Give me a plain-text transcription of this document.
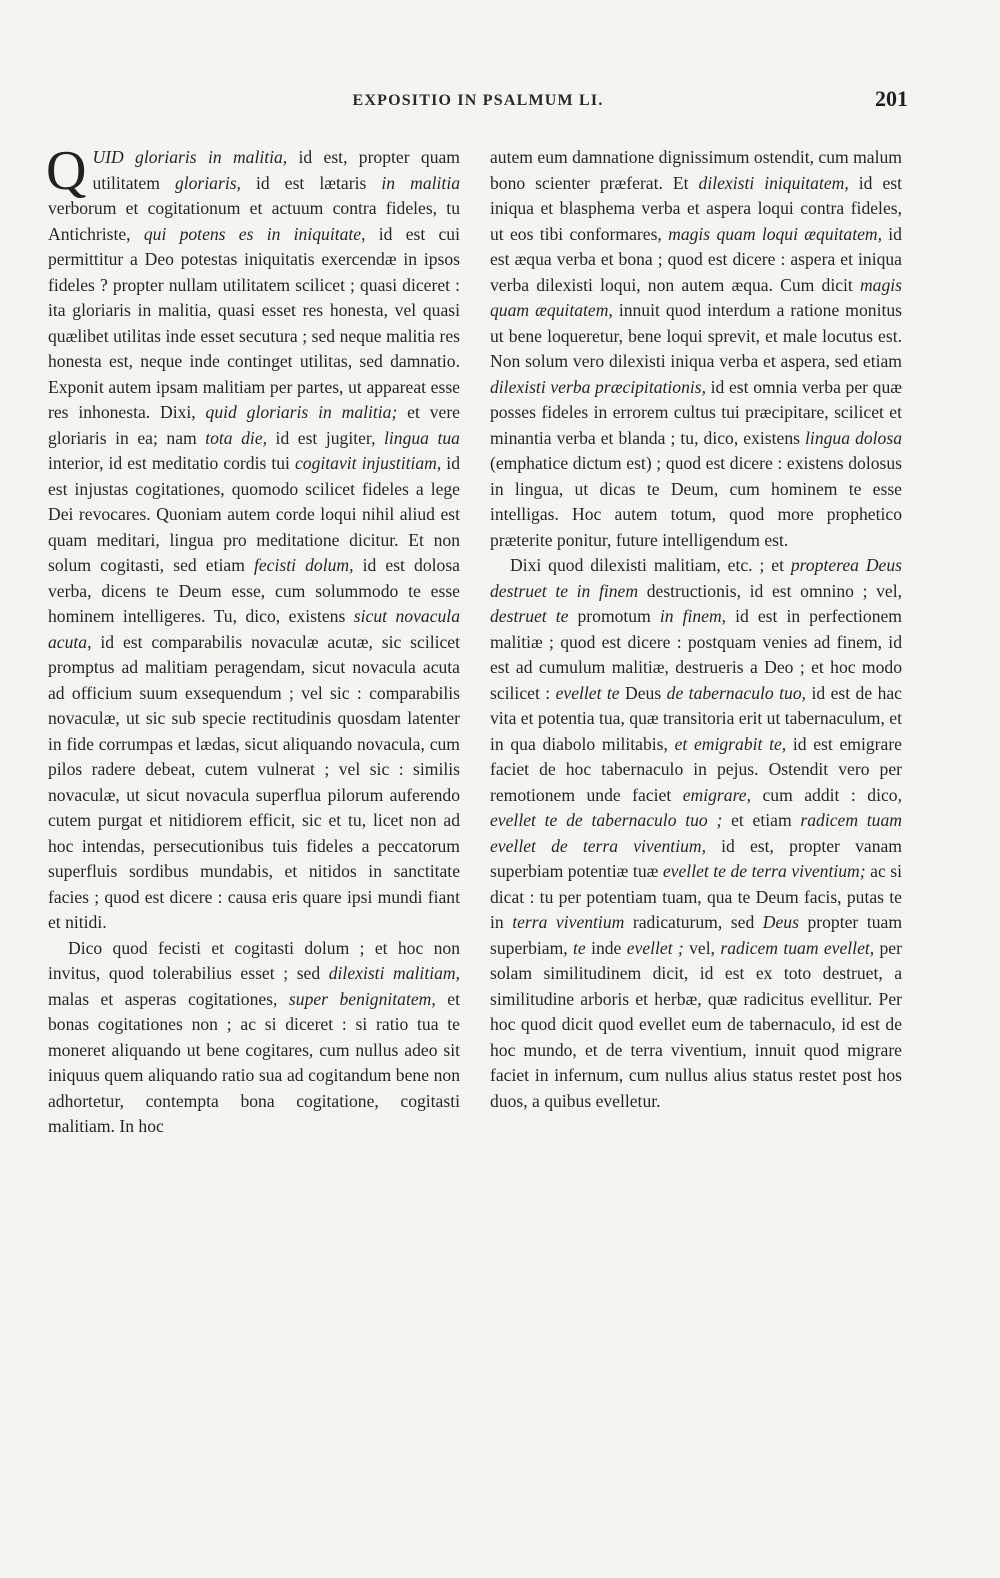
EXPOSITIO IN PSALMUM LI.	201

QUID gloriaris in malitia, id est, propter quam utilitatem gloriaris, id est lætaris in malitia verborum et cogitationum et actuum contra fideles, tu Antichriste, qui potens es in iniquitate, id est cui permittitur a Deo potestas iniquitatis exercendæ in ipsos fideles ? propter nullam utilitatem scilicet ; quasi diceret : ita gloriaris in malitia, quasi esset res honesta, vel quasi quælibet utilitas inde esset secutura ; sed neque malitia res honesta est, neque inde continget utilitas, sed damnatio. Exponit autem ipsam malitiam per partes, ut appareat esse res inhonesta. Dixi, quid gloriaris in malitia; et vere gloriaris in ea; nam tota die, id est jugiter, lingua tua interior, id est meditatio cordis tui cogitavit injustitiam, id est injustas cogitationes, quomodo scilicet fideles a lege Dei revocares. Quoniam autem corde loqui nihil aliud est quam meditari, lingua pro meditatione dicitur. Et non solum cogitasti, sed etiam fecisti dolum, id est dolosa verba, dicens te Deum esse, cum solummodo te esse hominem intelligeres. Tu, dico, existens sicut novacula acuta, id est comparabilis novaculæ acutæ, sic scilicet promptus ad malitiam peragendam, sicut novacula acuta ad officium suum exsequendum ; vel sic : comparabilis novaculæ, ut sic sub specie rectitudinis quosdam latenter in fide corrumpas et lædas, sicut aliquando novacula, cum pilos radere debeat, cutem vulnerat ; vel sic : similis novaculæ, ut sicut novacula superflua pilorum auferendo cutem purgat et nitidiorem efficit, sic et tu, licet non ad hoc intendas, persecutionibus tuis fideles a peccatorum superfluis sordibus mundabis, et nitidos in sanctitate facies ; quod est dicere : causa eris quare ipsi mundi fiant et nitidi.

Dico quod fecisti et cogitasti dolum ; et hoc non invitus, quod tolerabilius esset ; sed dilexisti malitiam, malas et asperas cogitationes, super benignitatem, et bonas cogitationes non ; ac si diceret : si ratio tua te moneret aliquando ut bene cogitares, cum nullus adeo sit iniquus quem aliquando ratio sua ad cogitandum bene non adhortetur, contempta bona cogitatione, cogitasti malitiam. In hoc

autem eum damnatione dignissimum ostendit, cum malum bono scienter præferat. Et dilexisti iniquitatem, id est iniqua et blasphema verba et aspera loqui contra fideles, ut eos tibi conformares, magis quam loqui æquitatem, id est æqua verba et bona ; quod est dicere : aspera et iniqua verba dilexisti loqui, non autem æqua. Cum dicit magis quam æquitatem, innuit quod interdum a ratione monitus ut bene loqueretur, bene loqui sprevit, et male locutus est. Non solum vero dilexisti iniqua verba et aspera, sed etiam dilexisti verba præcipitationis, id est omnia verba per quæ posses fideles in errorem cultus tui præcipitare, scilicet et minantia verba et blanda ; tu, dico, existens lingua dolosa (emphatice dictum est) ; quod est dicere : existens dolosus in lingua, ut dicas te Deum, cum hominem te esse intelligas. Hoc autem totum, quod more prophetico præterite ponitur, future intelligendum est.

Dixi quod dilexisti malitiam, etc. ; et propterea Deus destruet te in finem destructionis, id est omnino ; vel, destruet te promotum in finem, id est in perfectionem malitiæ ; quod est dicere : postquam venies ad finem, id est ad cumulum malitiæ, destrueris a Deo ; et hoc modo scilicet : evellet te Deus de tabernaculo tuo, id est de hac vita et potentia tua, quæ transitoria erit ut tabernaculum, et in qua diabolo militabis, et emigrabit te, id est emigrare faciet de hoc tabernaculo in pejus. Ostendit vero per remotionem unde faciet emigrare, cum addit : dico, evellet te de tabernaculo tuo ; et etiam radicem tuam evellet de terra viventium, id est, propter vanam superbiam potentiæ tuæ evellet te de terra viventium; ac si dicat : tu per potentiam tuam, qua te Deum facis, putas te in terra viventium radicaturum, sed Deus propter tuam superbiam, te inde evellet ; vel, radicem tuam evellet, per solam similitudinem dicit, id est ex toto destruet, a similitudine arboris et herbæ, quæ radicitus evellitur. Per hoc quod dicit quod evellet eum de tabernaculo, id est de hoc mundo, et de terra viventium, innuit quod migrare faciet in infernum, cum nullus alius status restet post hos duos, a quibus evelletur.
